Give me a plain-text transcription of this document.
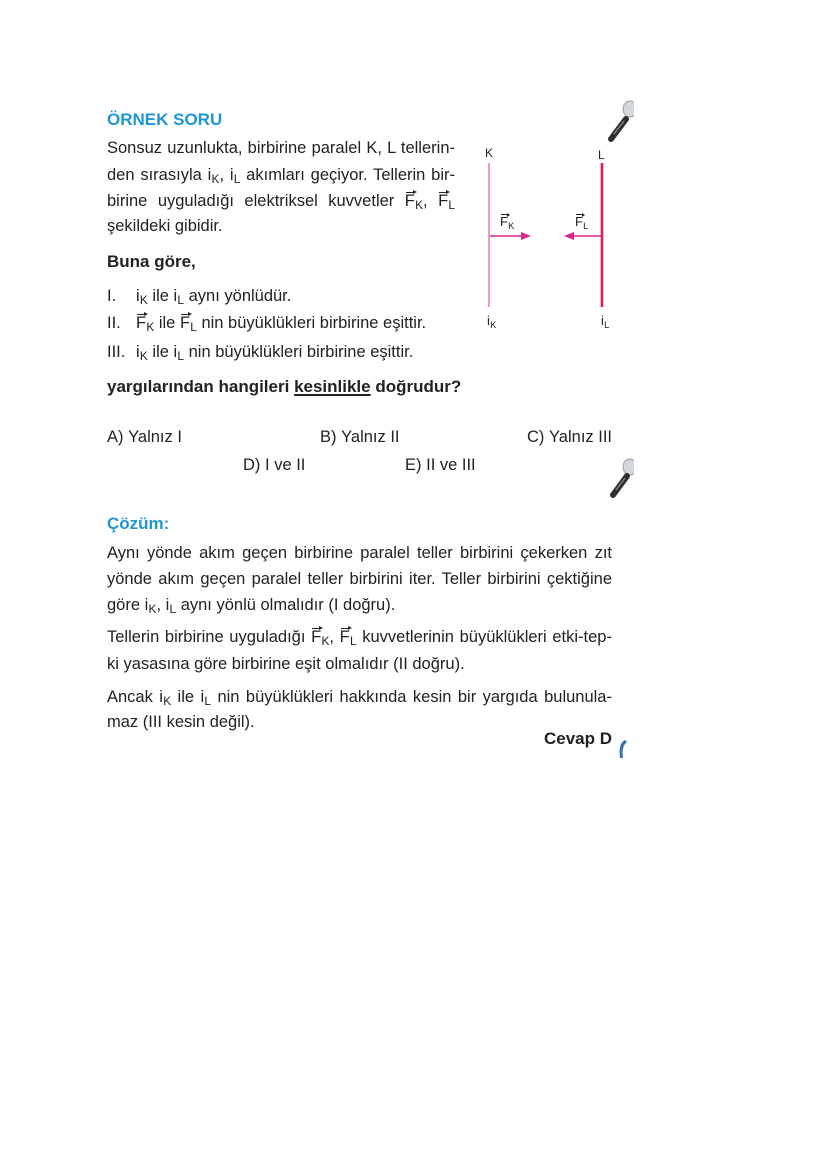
ÖRNEK SORU
Sonsuz uzunlukta, birbirine paralel K, L tellerin-
den sırasıyla $i_K$, $i_L$ akımları geçiyor. Tellerin bir-
birine uyguladığı elektriksel kuvvetler $F_K$, $F_L$
şekildeki gibidir.
Buna göre,
I. $i_K$ ile $i_L$ aynı yönlüdür.
II. $F_K$ ile $F_L$ nin büyüklükleri birbirine eşittir.
III. $i_K$ ile $i_L$ nin büyüklükleri birbirine eşittir.
yargılarından hangileri kesinlikle doğrudur?
A) Yalnız I	B) Yalnız II	C) Yalnız III
D) I ve II	E) II ve III
K	L
$F_K$	$F_L$
$i_K$	$i_L$
Çözüm:
Aynı yönde akım geçen birbirine paralel teller birbirini çekerken zıt
yönde akım geçen paralel teller birbirini iter. Teller birbirini çektiğine
göre $i_K$, $i_L$ aynı yönlü olmalıdır (I doğru).
Tellerin birbirine uyguladığı $F_K$, $F_L$ kuvvetlerinin büyüklükleri etki-tep-
ki yasasına göre birbirine eşit olmalıdır (II doğru).
Ancak $i_K$ ile $i_L$ nin büyüklükleri hakkında kesin bir yargıda bulunula-
maz (III kesin değil).
Cevap D
